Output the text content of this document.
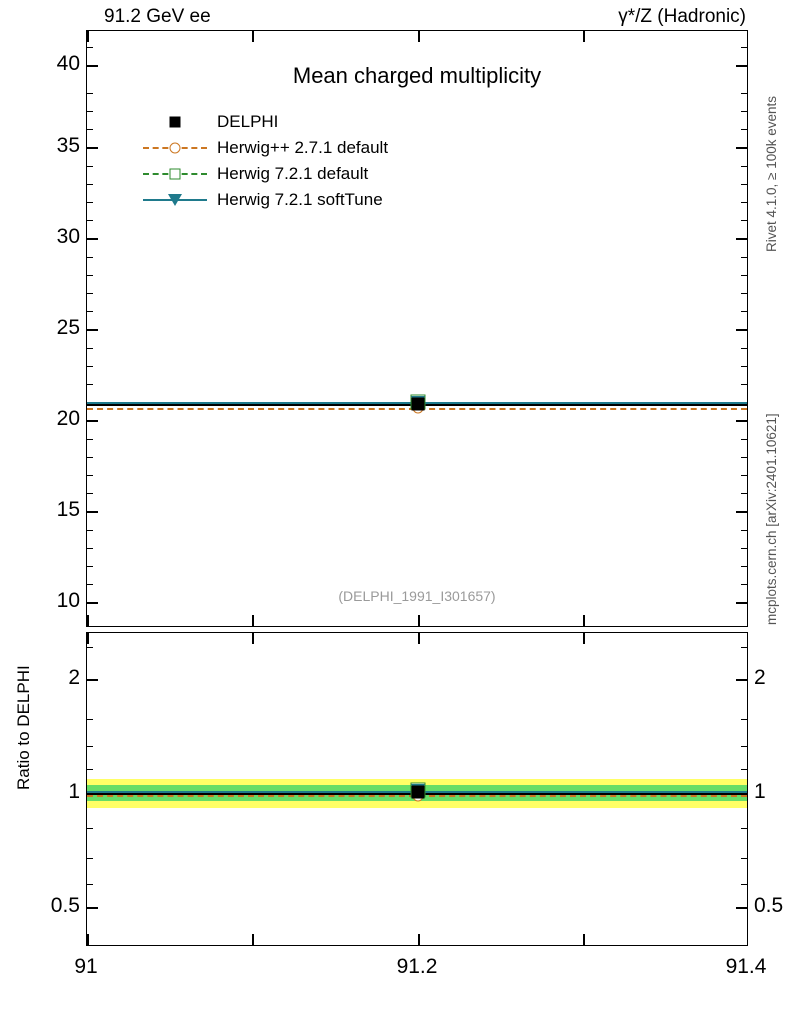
91.2 GeV ee	γ*/Z (Hadronic)
Rivet 4.1.0, ≥ 100k events
mcplots.cern.ch [arXiv:2401.10621]
Mean charged multiplicity
(DELPHI_1991_I301657)
DELPHI
Herwig++ 2.7.1 default
Herwig 7.2.1 default
Herwig 7.2.1 softTune
10
15
20
25
30
35
40
2
1
0.5
2
1
0.5
Ratio to DELPHI
91	91.2	91.4
